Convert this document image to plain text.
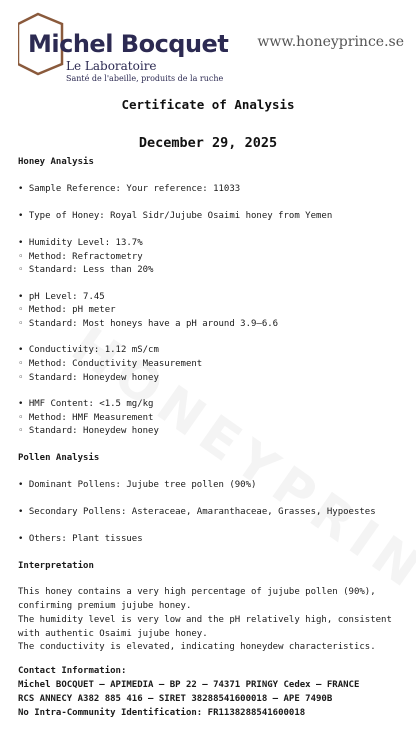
Michel Bocquet
Le Laboratoire
Santé de l'abeille, produits de la ruche
www.honeyprince.se
Certificate of Analysis
December 29, 2025
Honey Analysis
• Sample Reference: Your reference: 11033
• Type of Honey: Royal Sidr/Jujube Osaimi honey from Yemen
• Humidity Level: 13.7%
◦ Method: Refractometry
◦ Standard: Less than 20%
• pH Level: 7.45
◦ Method: pH meter
◦ Standard: Most honeys have a pH around 3.9–6.6
• Conductivity: 1.12 mS/cm
◦ Method: Conductivity Measurement
◦ Standard: Honeydew honey
• HMF Content: <1.5 mg/kg
◦ Method: HMF Measurement
◦ Standard: Honeydew honey
Pollen Analysis
• Dominant Pollens: Jujube tree pollen (90%)
• Secondary Pollens: Asteraceae, Amaranthaceae, Grasses, Hypoestes
• Others: Plant tissues
Interpretation
This honey contains a very high percentage of jujube pollen (90%), confirming premium jujube honey.
The humidity level is very low and the pH relatively high, consistent with authentic Osaimi jujube honey.
The conductivity is elevated, indicating honeydew characteristics.
Contact Information:
Michel BOCQUET – APIMEDIA – BP 22 – 74371 PRINGY Cedex – FRANCE
RCS ANNECY A382 885 416 – SIRET 38288541600018 – APE 7490B
No Intra-Community Identification: FR1138288541600018
